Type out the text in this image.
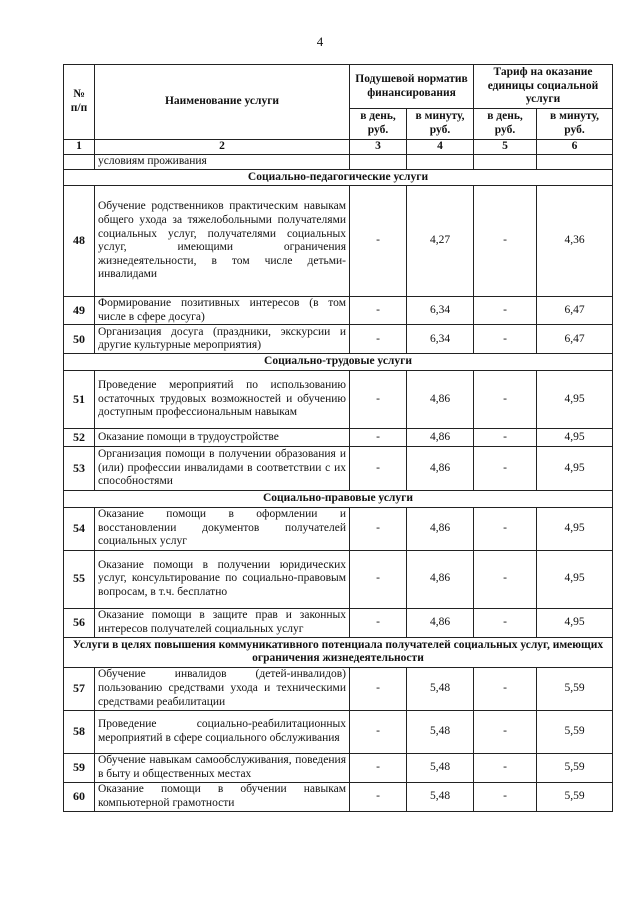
4
№ п/п	Наименование услуги	Подушевой норматив финансирования		Тариф на оказание единицы социальной услуги	
		в день, руб.	в минуту, руб.	в день, руб.	в минуту, руб.
1	2	3	4	5	6
	условиям проживания				
Социально-педагогические услуги					
48	Обучение родственников практическим навыкам общего ухода за тяжелобольными получателями социальных услуг, получателями социальных услуг, имеющими ограничения жизнедеятельности, в том числе детьми-инвалидами	-	4,27	-	4,36
49	Формирование позитивных интересов (в том числе в сфере досуга)	-	6,34	-	6,47
50	Организация досуга (праздники, экскурсии и другие культурные мероприятия)	-	6,34	-	6,47
Социально-трудовые услуги					
51	Проведение мероприятий по использованию остаточных трудовых возможностей и обучению доступным профессиональным навыкам	-	4,86	-	4,95
52	Оказание помощи в трудоустройстве	-	4,86	-	4,95
53	Организация помощи в получении образования и (или) профессии инвалидами в соответствии с их способностями	-	4,86	-	4,95
Социально-правовые услуги					
54	Оказание помощи в оформлении и восстановлении документов получателей социальных услуг	-	4,86	-	4,95
55	Оказание помощи в получении юридических услуг, консультирование по социально-правовым вопросам, в т.ч. бесплатно	-	4,86	-	4,95
56	Оказание помощи в защите прав и законных интересов получателей социальных услуг	-	4,86	-	4,95
Услуги в целях повышения коммуникативного потенциала получателей социальных услуг, имеющих ограничения жизнедеятельности					
57	Обучение инвалидов (детей-инвалидов) пользованию средствами ухода и техническими средствами реабилитации	-	5,48	-	5,59
58	Проведение социально-реабилитационных мероприятий в сфере социального обслуживания	-	5,48	-	5,59
59	Обучение навыкам самообслуживания, поведения в быту и общественных местах	-	5,48	-	5,59
60	Оказание помощи в обучении навыкам компьютерной грамотности	-	5,48	-	5,59
